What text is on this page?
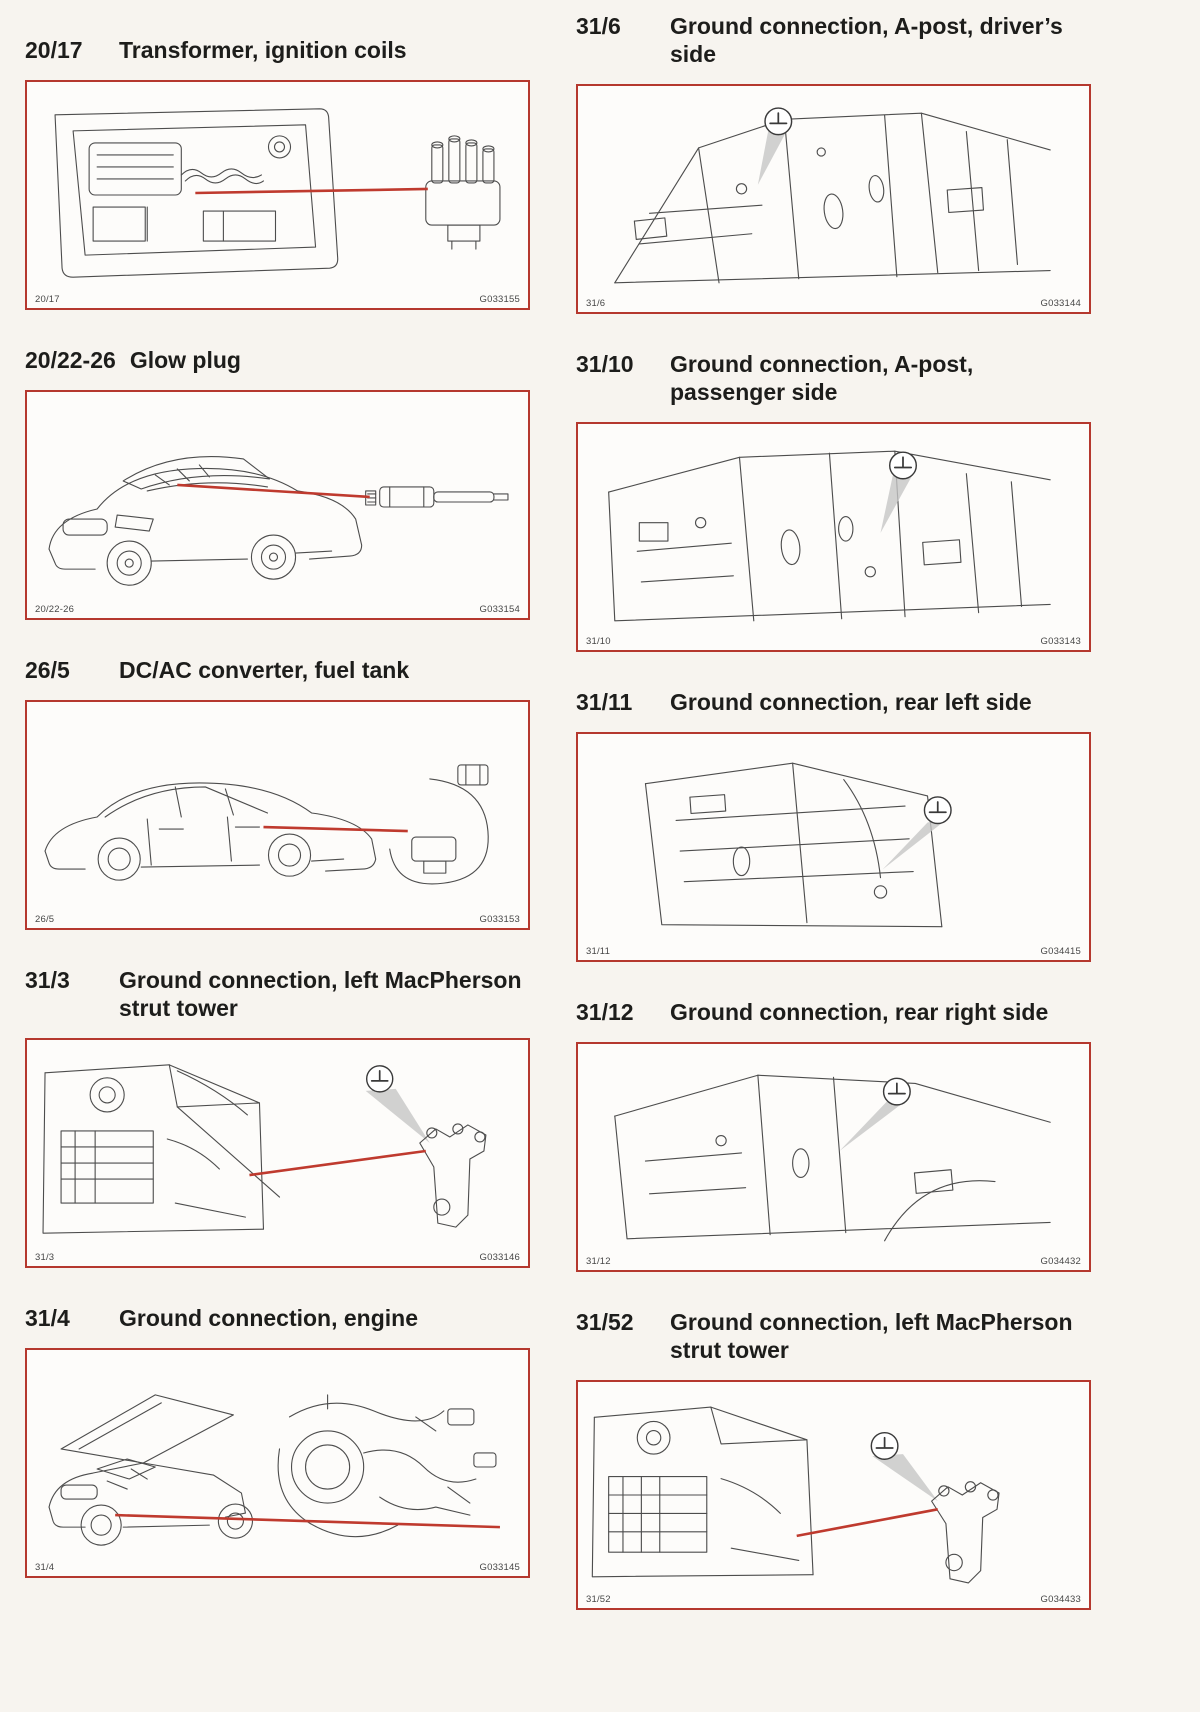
20/17	Transformer, ignition coils
20/17	G033155
20/22-26 Glow plug
20/22-26	G033154
26/5	DC/AC converter, fuel tank
26/5	G033153
31/3	Ground connection, left MacPherson strut tower
31/3	G033146
31/4	Ground connection, engine
31/4	G033145
31/6	Ground connection, A-post, driver’s side
31/6	G033144
31/10	Ground connection, A-post, passenger side
31/10	G033143
31/11	Ground connection, rear left side
31/11	G034415
31/12	Ground connection, rear right side
31/12	G034432
31/52	Ground connection, left MacPherson strut tower
31/52	G034433
